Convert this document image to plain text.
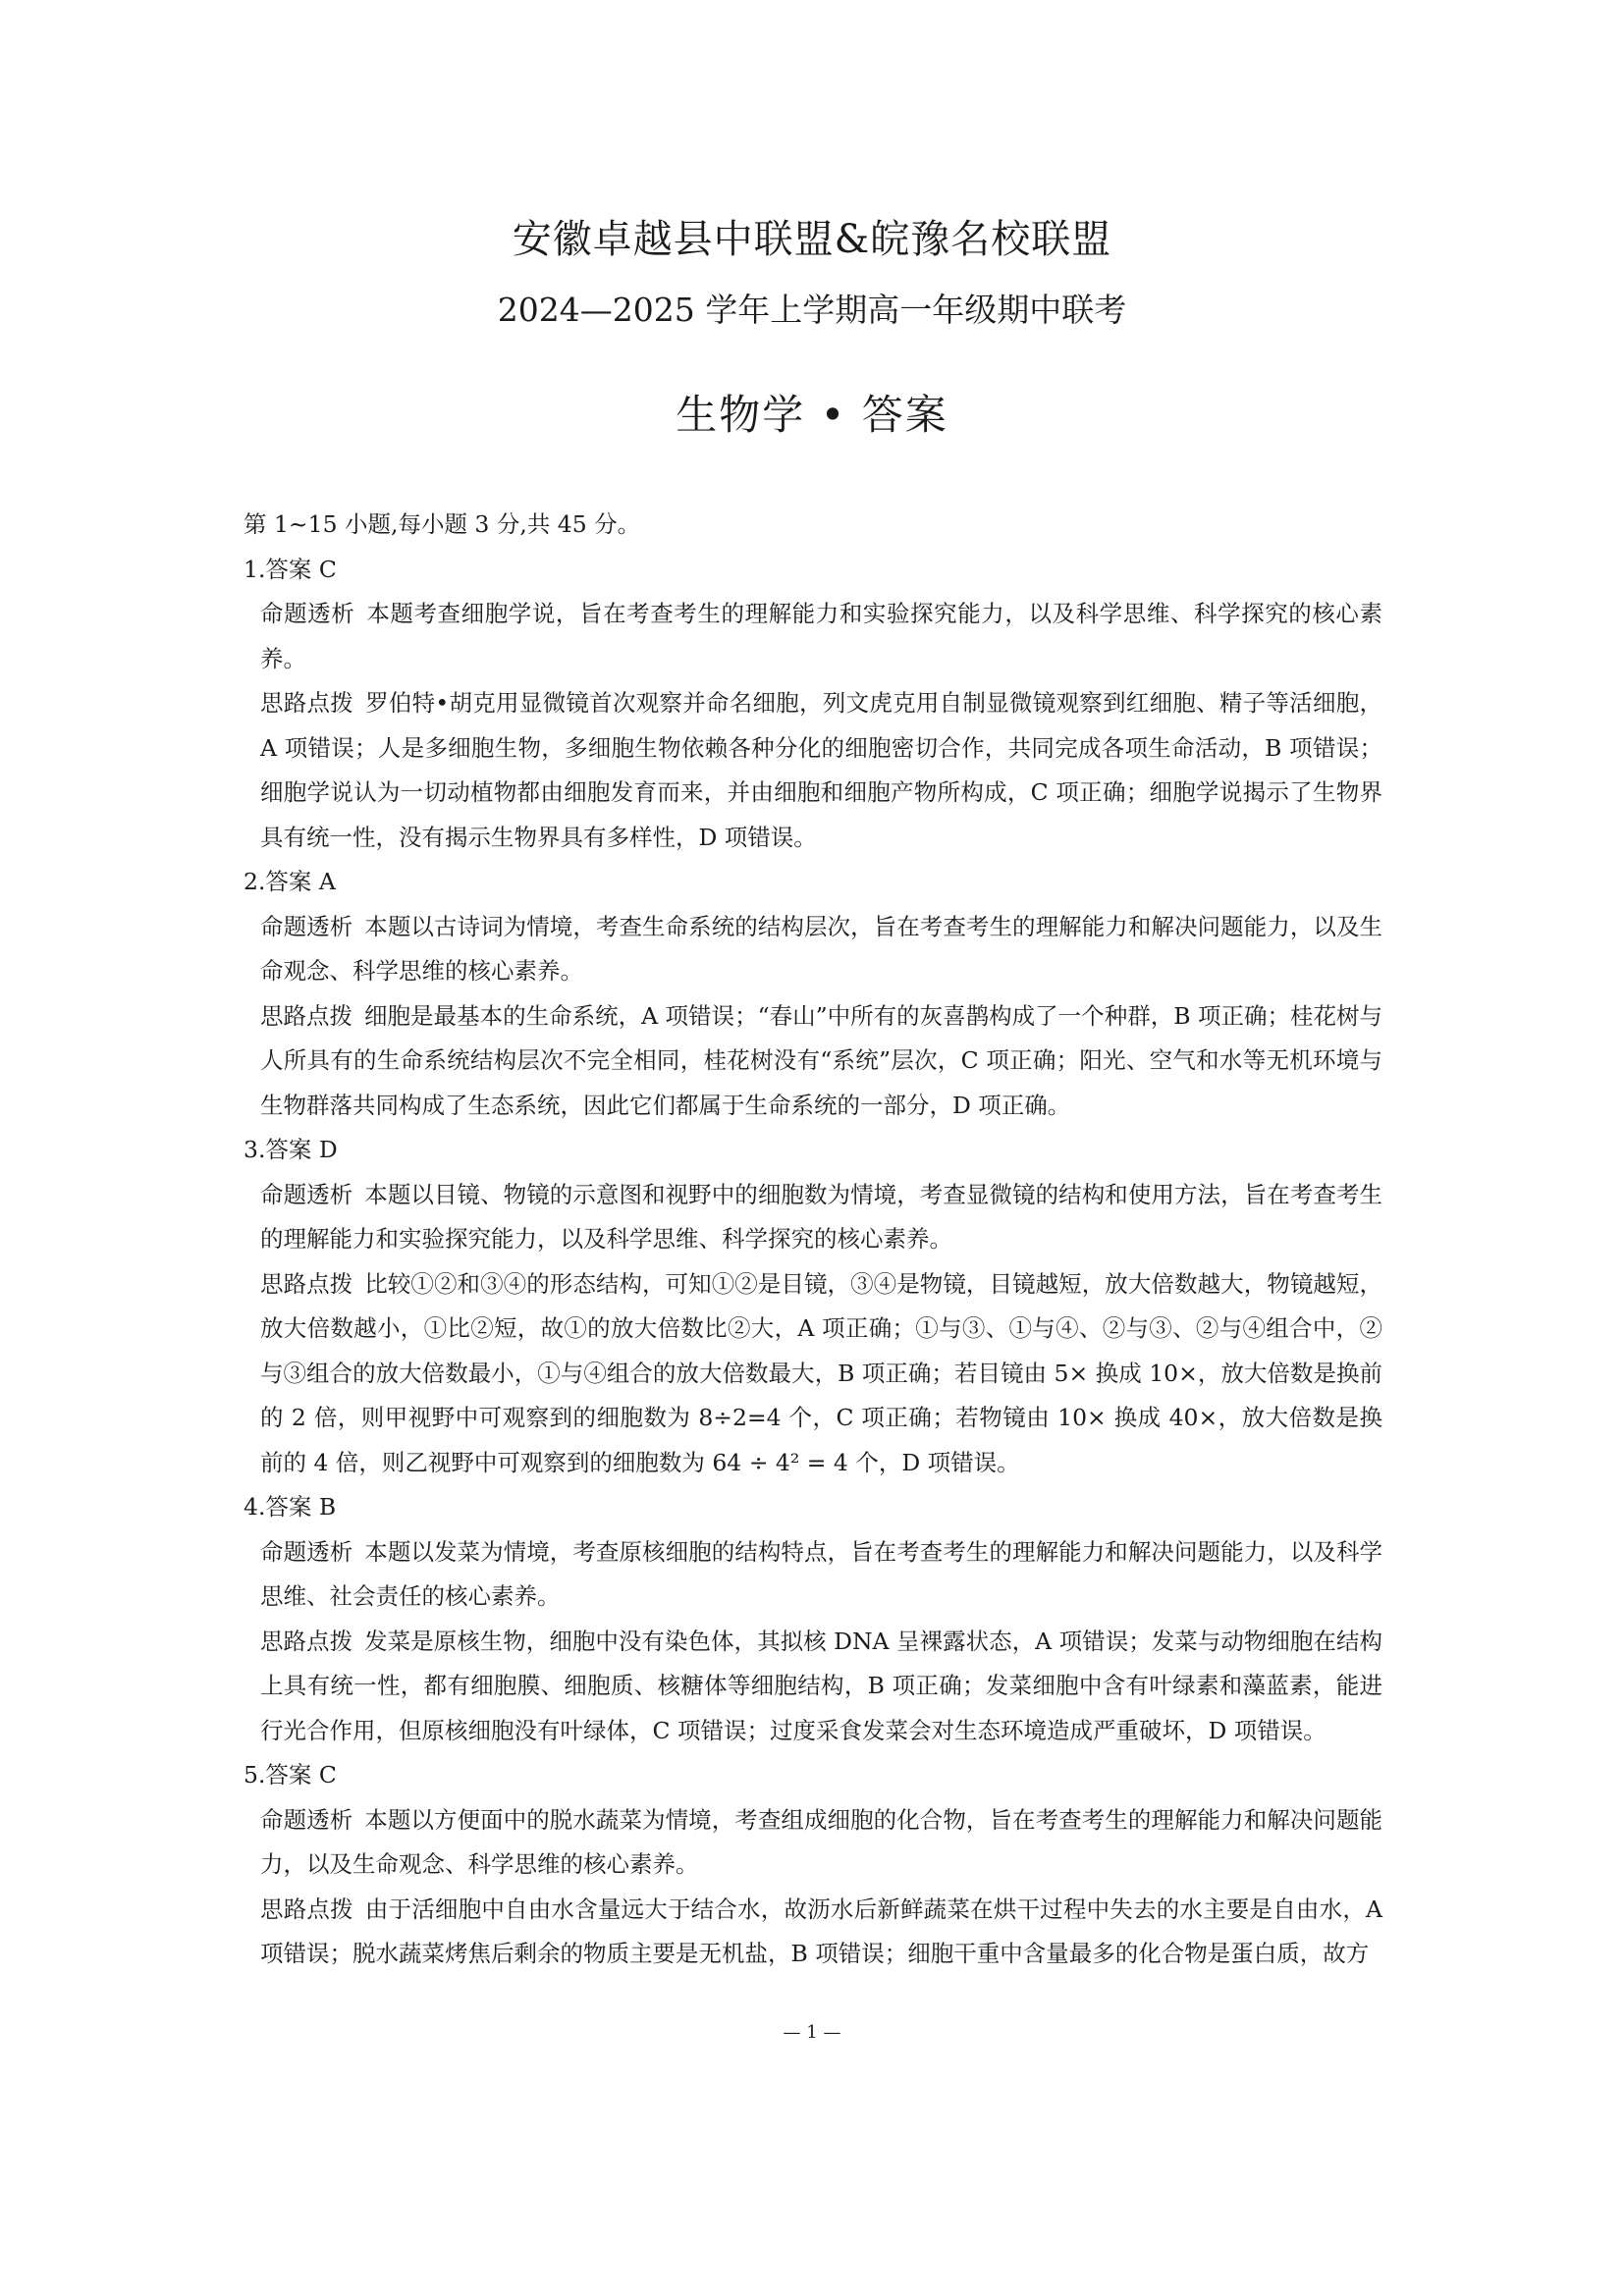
安徽卓越县中联盟&皖豫名校联盟
2024—2025 学年上学期高一年级期中联考
生物学 • 答案

第 1~15 小题,每小题 3 分,共 45 分。

1.答案 C

命题透析 本题考查细胞学说，旨在考查考生的理解能力和实验探究能力，以及科学思维、科学探究的核心素养。

思路点拨 罗伯特•胡克用显微镜首次观察并命名细胞，列文虎克用自制显微镜观察到红细胞、精子等活细胞，A 项错误；人是多细胞生物，多细胞生物依赖各种分化的细胞密切合作，共同完成各项生命活动，B 项错误；细胞学说认为一切动植物都由细胞发育而来，并由细胞和细胞产物所构成，C 项正确；细胞学说揭示了生物界具有统一性，没有揭示生物界具有多样性，D 项错误。

2.答案 A

命题透析 本题以古诗词为情境，考查生命系统的结构层次，旨在考查考生的理解能力和解决问题能力，以及生命观念、科学思维的核心素养。

思路点拨 细胞是最基本的生命系统，A 项错误；“春山”中所有的灰喜鹊构成了一个种群，B 项正确；桂花树与人所具有的生命系统结构层次不完全相同，桂花树没有“系统”层次，C 项正确；阳光、空气和水等无机环境与生物群落共同构成了生态系统，因此它们都属于生命系统的一部分，D 项正确。

3.答案 D

命题透析 本题以目镜、物镜的示意图和视野中的细胞数为情境，考查显微镜的结构和使用方法，旨在考查考生的理解能力和实验探究能力，以及科学思维、科学探究的核心素养。

思路点拨 比较①②和③④的形态结构，可知①②是目镜，③④是物镜，目镜越短，放大倍数越大，物镜越短，放大倍数越小，①比②短，故①的放大倍数比②大，A 项正确；①与③、①与④、②与③、②与④组合中，②与③组合的放大倍数最小，①与④组合的放大倍数最大，B 项正确；若目镜由 5× 换成 10×，放大倍数是换前的 2 倍，则甲视野中可观察到的细胞数为 8÷2=4 个，C 项正确；若物镜由 10× 换成 40×，放大倍数是换前的 4 倍，则乙视野中可观察到的细胞数为 64 ÷ 4² = 4 个，D 项错误。

4.答案 B

命题透析 本题以发菜为情境，考查原核细胞的结构特点，旨在考查考生的理解能力和解决问题能力，以及科学思维、社会责任的核心素养。

思路点拨 发菜是原核生物，细胞中没有染色体，其拟核 DNA 呈裸露状态，A 项错误；发菜与动物细胞在结构上具有统一性，都有细胞膜、细胞质、核糖体等细胞结构，B 项正确；发菜细胞中含有叶绿素和藻蓝素，能进行光合作用，但原核细胞没有叶绿体，C 项错误；过度采食发菜会对生态环境造成严重破坏，D 项错误。

5.答案 C

命题透析 本题以方便面中的脱水蔬菜为情境，考查组成细胞的化合物，旨在考查考生的理解能力和解决问题能力，以及生命观念、科学思维的核心素养。

思路点拨 由于活细胞中自由水含量远大于结合水，故沥水后新鲜蔬菜在烘干过程中失去的水主要是自由水，A 项错误；脱水蔬菜烤焦后剩余的物质主要是无机盐，B 项错误；细胞干重中含量最多的化合物是蛋白质，故方

— 1 —
